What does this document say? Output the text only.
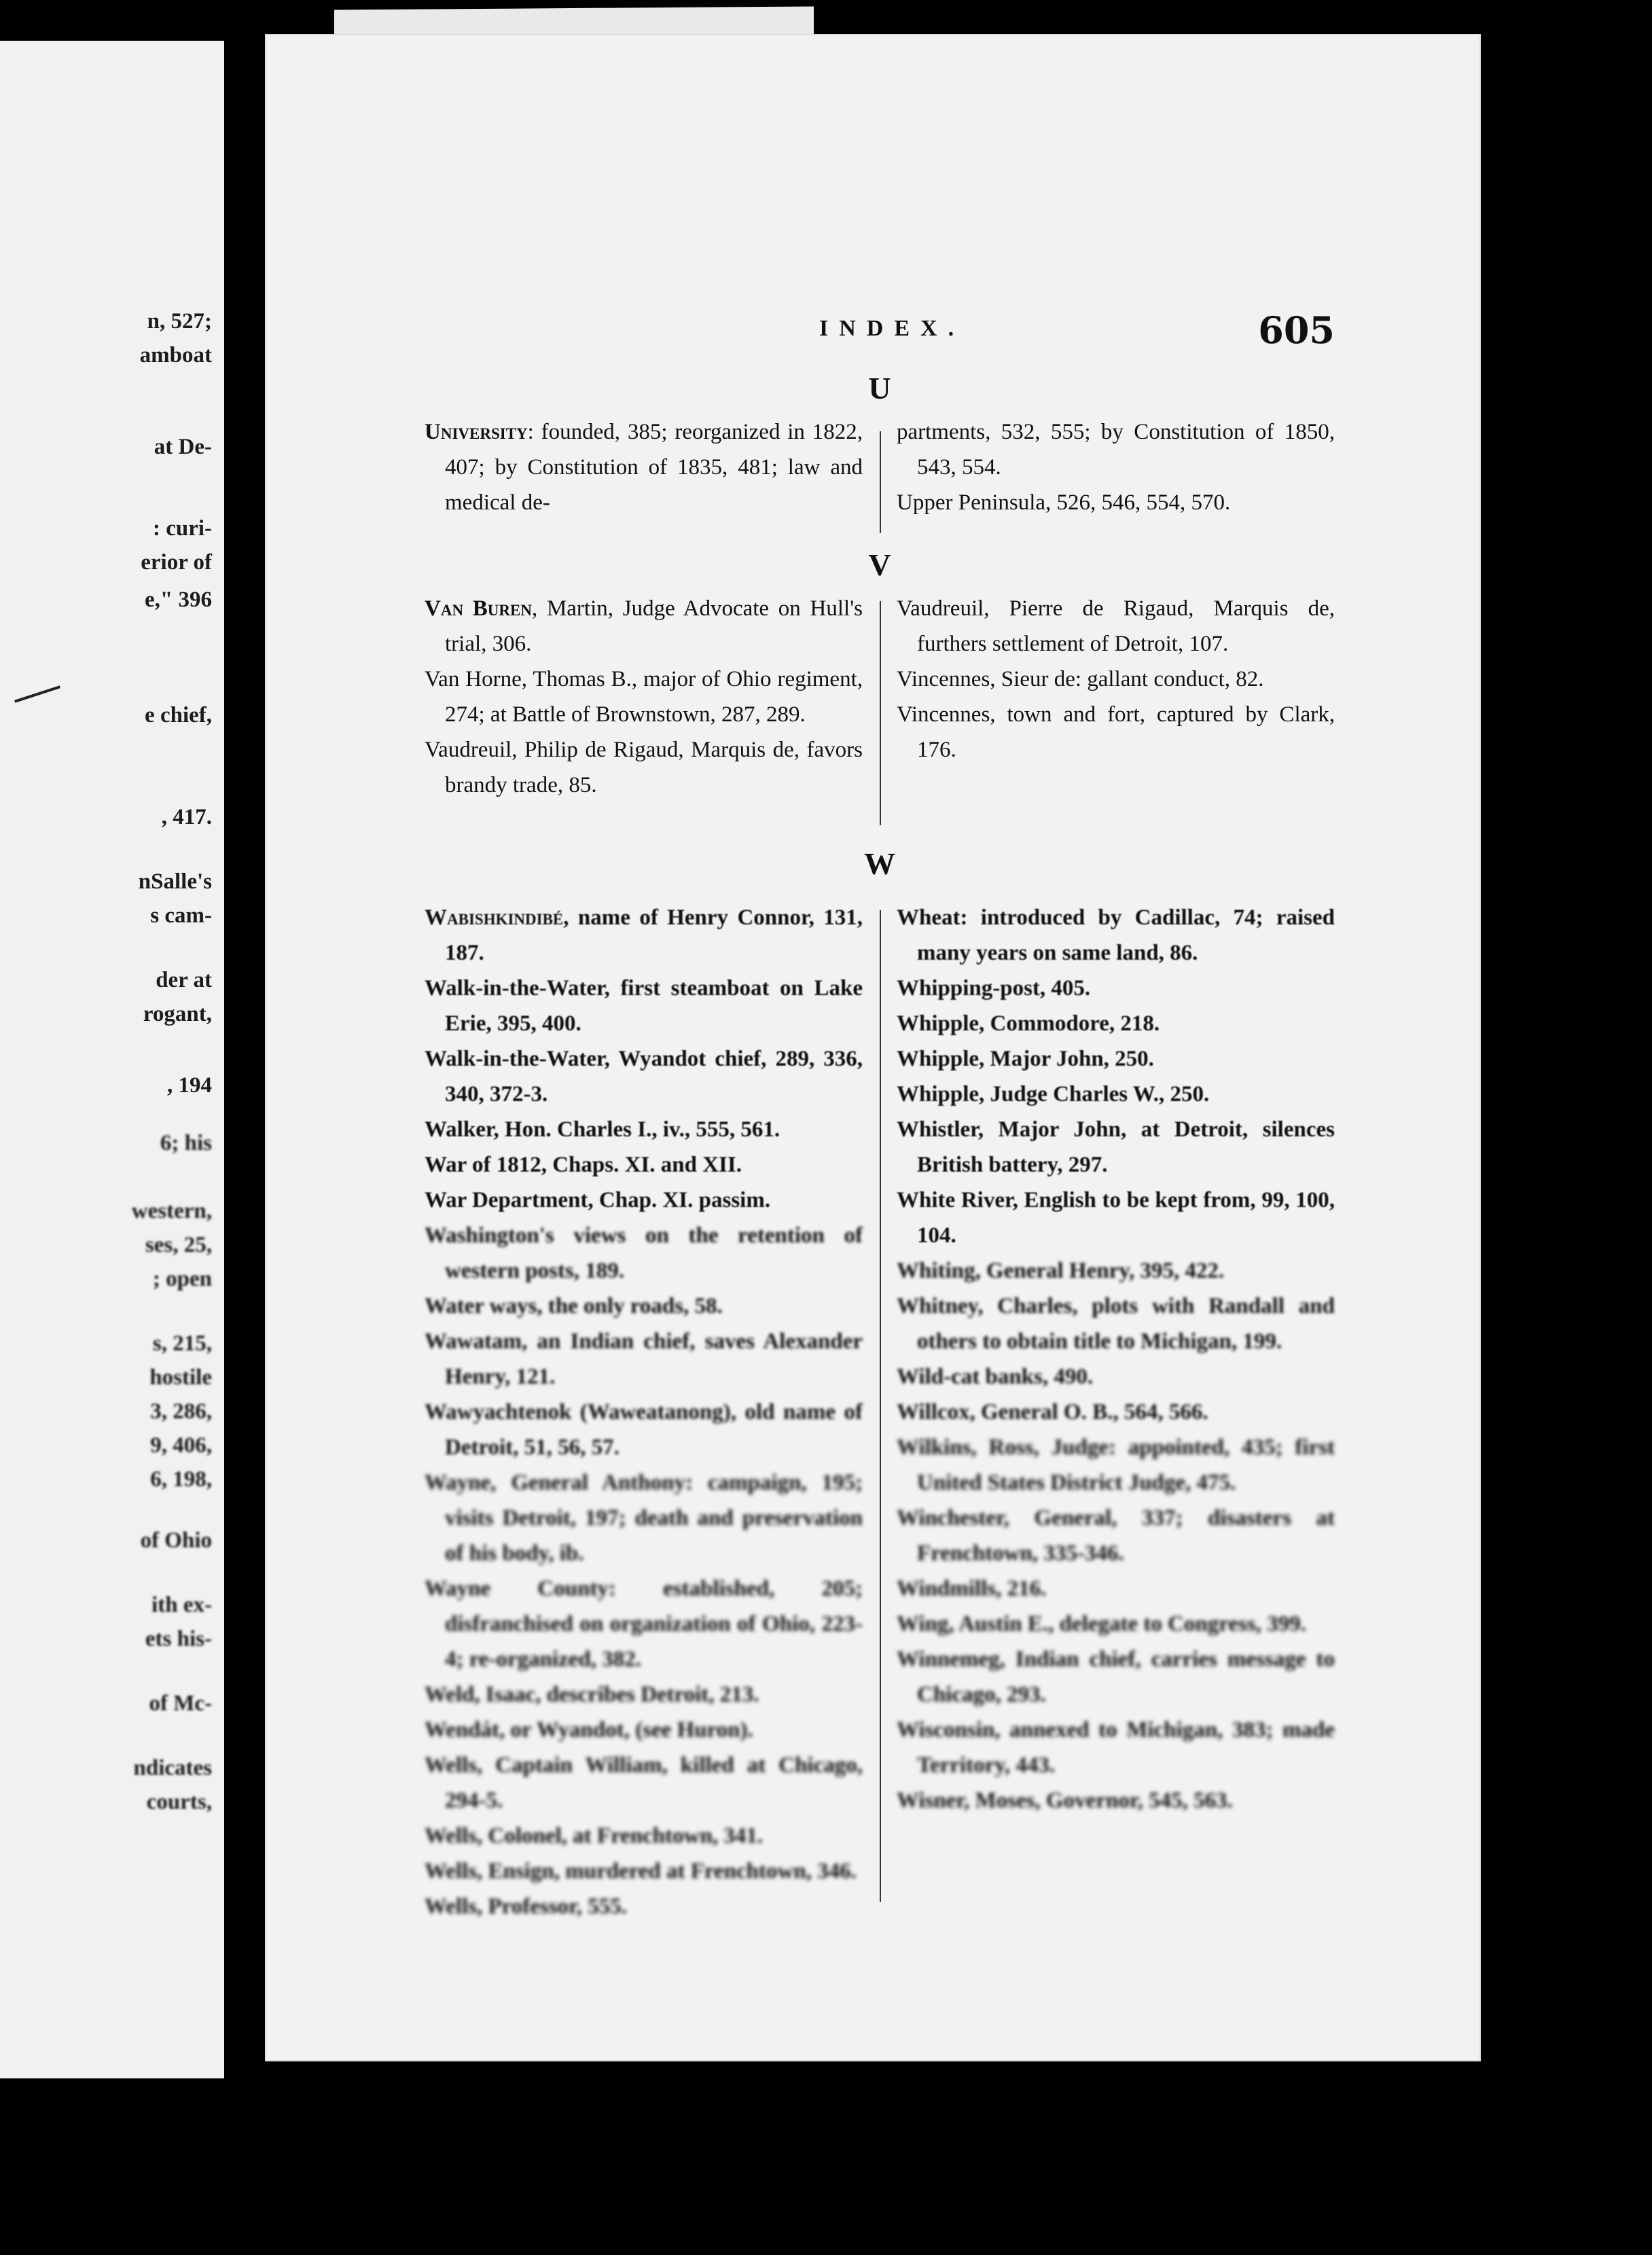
n, 527;
amboat
at De-
: curi-
erior of
e," 396
e chief,
, 417.
nSalle's
s cam-
der at
rogant,
, 194
6; his
western,
ses, 25,
; open
s, 215,
hostile
3, 286,
9, 406,
6, 198,
of Ohio
ith ex-
ets his-
of Mc-
ndicates
courts,
INDEX.	605
U
University: founded, 385; reorganized in 1822, 407; by Constitution of 1835, 481; law and medical de-
partments, 532, 555; by Constitution of 1850, 543, 554.
Upper Peninsula, 526, 546, 554, 570.
V
Van Buren, Martin, Judge Advocate on Hull's trial, 306.
Van Horne, Thomas B., major of Ohio regiment, 274; at Battle of Brownstown, 287, 289.
Vaudreuil, Philip de Rigaud, Marquis de, favors brandy trade, 85.
Vaudreuil, Pierre de Rigaud, Marquis de, furthers settlement of Detroit, 107.
Vincennes, Sieur de: gallant conduct, 82.
Vincennes, town and fort, captured by Clark, 176.
W
Wabishkindibé, name of Henry Connor, 131, 187.
Walk-in-the-Water, first steamboat on Lake Erie, 395, 400.
Walk-in-the-Water, Wyandot chief, 289, 336, 340, 372-3.
Walker, Hon. Charles I., iv., 555, 561.
War of 1812, Chaps. XI. and XII.
War Department, Chap. XI. passim.
Washington's views on the retention of western posts, 189.
Water ways, the only roads, 58.
Wawatam, an Indian chief, saves Alexander Henry, 121.
Wawyachtenok (Waweatanong), old name of Detroit, 51, 56, 57.
Wayne, General Anthony: campaign, 195; visits Detroit, 197; death and preservation of his body, ib.
Wayne County: established, 205; disfranchised on organization of Ohio, 223-4; re-organized, 382.
Weld, Isaac, describes Detroit, 213.
Wendát, or Wyandot, (see Huron).
Wells, Captain William, killed at Chicago, 294-5.
Wells, Colonel, at Frenchtown, 341.
Wells, Ensign, murdered at Frenchtown, 346.
Wells, Professor, 555.
Wheat: introduced by Cadillac, 74; raised many years on same land, 86.
Whipping-post, 405.
Whipple, Commodore, 218.
Whipple, Major John, 250.
Whipple, Judge Charles W., 250.
Whistler, Major John, at Detroit, silences British battery, 297.
White River, English to be kept from, 99, 100, 104.
Whiting, General Henry, 395, 422.
Whitney, Charles, plots with Randall and others to obtain title to Michigan, 199.
Wild-cat banks, 490.
Willcox, General O. B., 564, 566.
Wilkins, Ross, Judge: appointed, 435; first United States District Judge, 475.
Winchester, General, 337; disasters at Frenchtown, 335-346.
Windmills, 216.
Wing, Austin E., delegate to Congress, 399.
Winnemeg, Indian chief, carries message to Chicago, 293.
Wisconsin, annexed to Michigan, 383; made Territory, 443.
Wisner, Moses, Governor, 545, 563.
